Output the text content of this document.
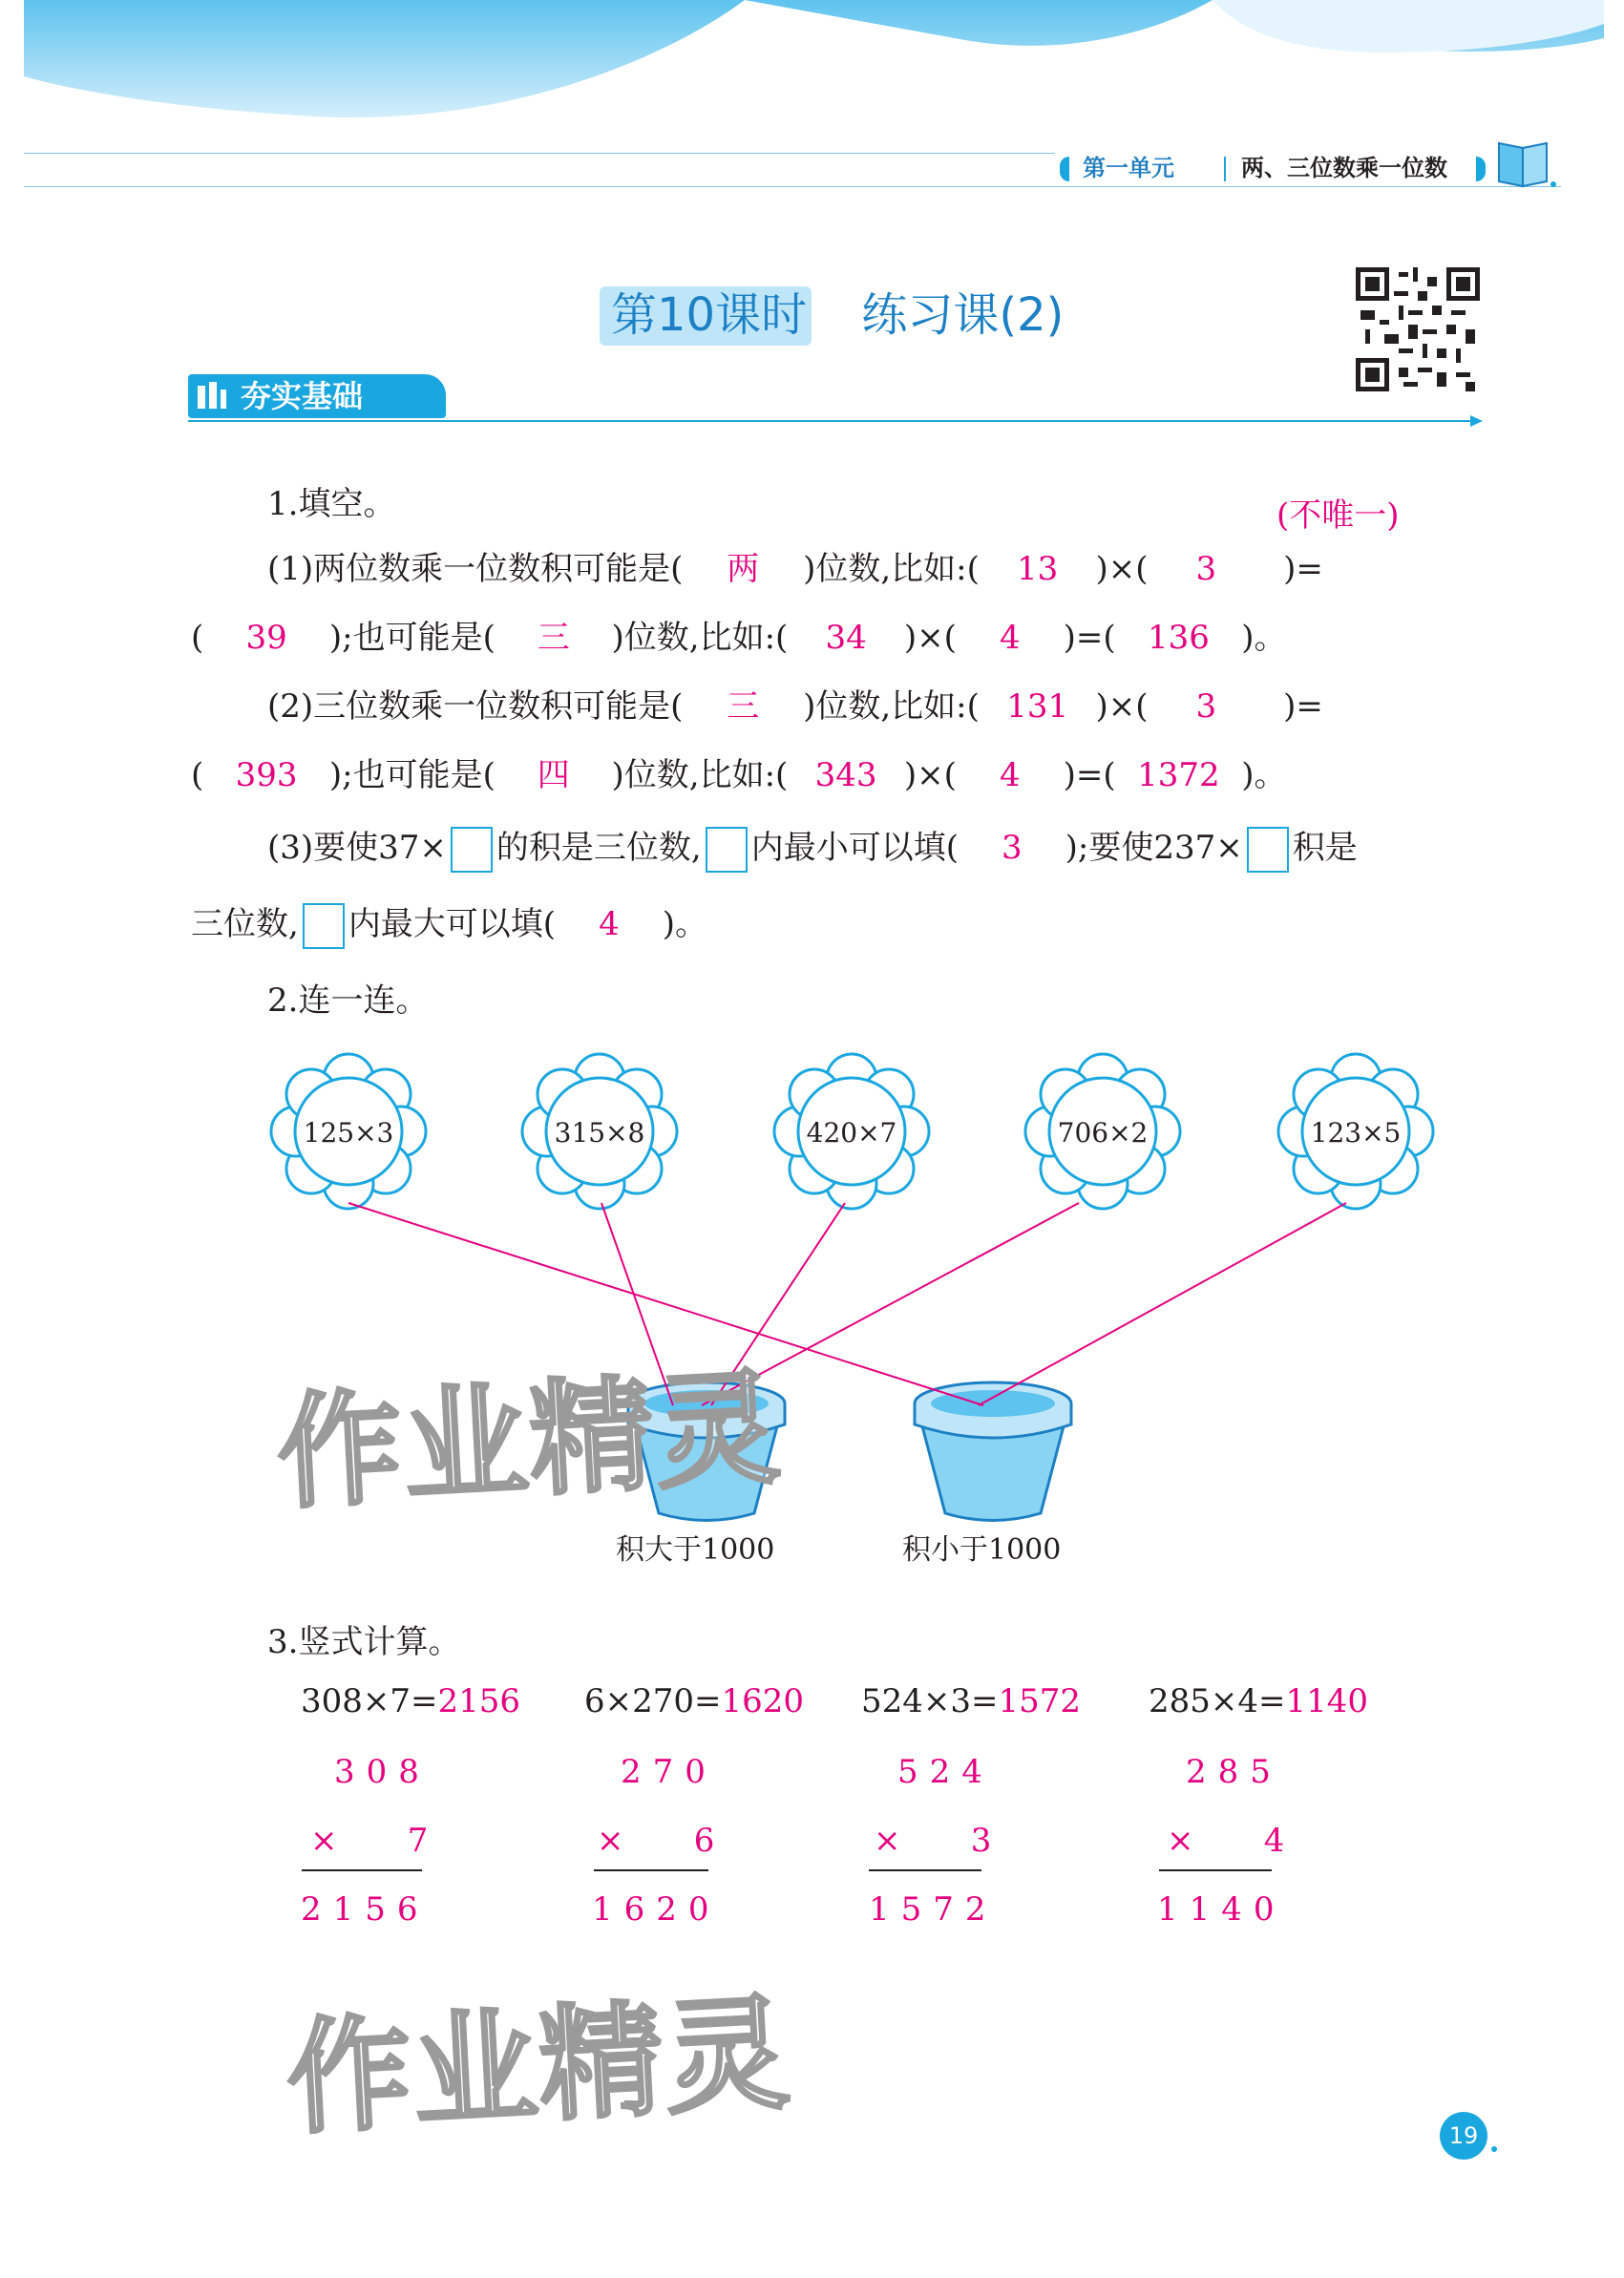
第一单元	两、三位数乘一位数
第10课时 练习课(2)
夯实基础
1.填空。	(不唯一)
(1)两位数乘一位数积可能是( 两 )位数,比如:( 13 )×( 3 )=
( 39 );也可能是( 三 )位数,比如:( 34 )×( 4 )=( 136 )。
(2)三位数乘一位数积可能是( 三 )位数,比如:( 131 )×( 3 )=
( 393 );也可能是( 四 )位数,比如:( 343 )×( 4 )=( 1372 )。
(3)要使37× 的积是三位数, 内最小可以填( 3 );要使237× 积是
三位数, 内最大可以填( 4 )。
2.连一连。
125×3	315×8	420×7	706×2	123×5
积大于1000	积小于1000
作业精灵
作业精灵
3.竖式计算。
308×7=2156
308
×    7
2156
6×270=1620
270
×    6
1620
524×3=1572
524
×    3
1572
285×4=1140
285
×    4
1140
19
